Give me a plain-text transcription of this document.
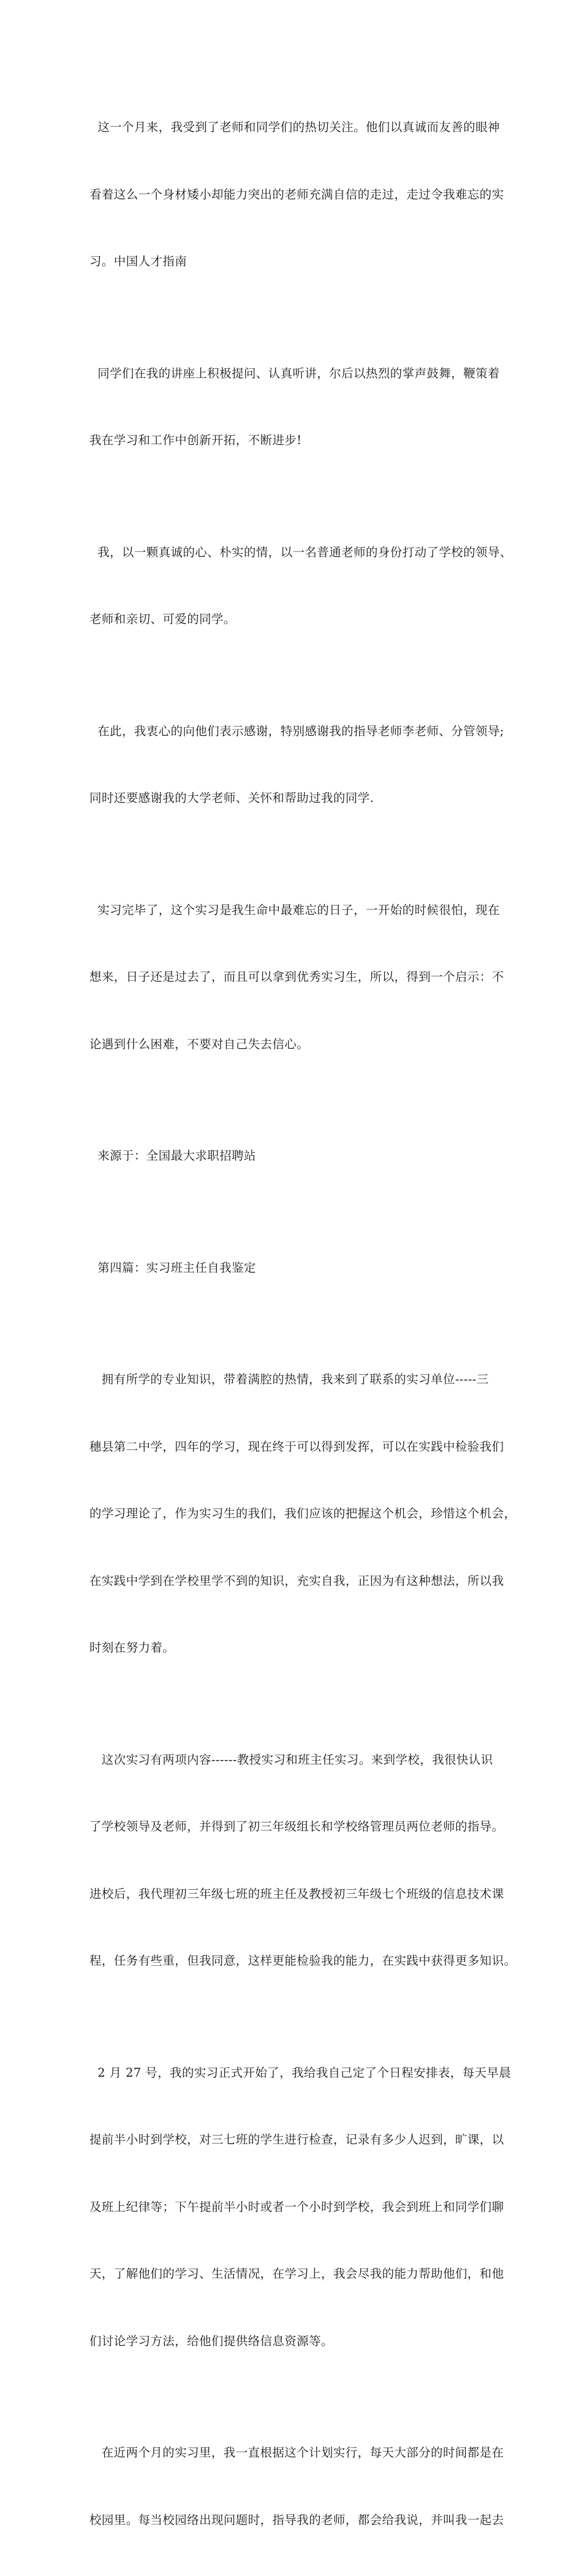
这一个月来，我受到了老师和同学们的热切关注。他们以真诚而友善的眼神

看着这么一个身材矮小却能力突出的老师充满自信的走过，走过令我难忘的实

习。中国人才指南

同学们在我的讲座上积极提问、认真听讲，尔后以热烈的掌声鼓舞，鞭策着

我在学习和工作中创新开拓，不断进步!

我，以一颗真诚的心、朴实的情，以一名普通老师的身份打动了学校的领导、

老师和亲切、可爱的同学。

在此，我衷心的向他们表示感谢，特别感谢我的指导老师李老师、分管领导;

同时还要感谢我的大学老师、关怀和帮助过我的同学.

实习完毕了，这个实习是我生命中最难忘的日子，一开始的时候很怕，现在

想来，日子还是过去了，而且可以拿到优秀实习生，所以，得到一个启示：不

论遇到什么困难，不要对自己失去信心。

来源于：全国最大求职招聘站

第四篇：实习班主任自我鉴定

拥有所学的专业知识，带着满腔的热情，我来到了联系的实习单位-----三

穗县第二中学，四年的学习，现在终于可以得到发挥，可以在实践中检验我们

的学习理论了，作为实习生的我们，我们应该的把握这个机会，珍惜这个机会，

在实践中学到在学校里学不到的知识，充实自我，正因为有这种想法，所以我

时刻在努力着。

这次实习有两项内容------教授实习和班主任实习。来到学校，我很快认识

了学校领导及老师，并得到了初三年级组长和学校络管理员两位老师的指导。

进校后，我代理初三年级七班的班主任及教授初三年级七个班级的信息技术课

程，任务有些重，但我同意，这样更能检验我的能力，在实践中获得更多知识。

2 月 27 号，我的实习正式开始了，我给我自己定了个日程安排表，每天早晨

提前半小时到学校，对三七班的学生进行检查，记录有多少人迟到，旷课，以

及班上纪律等；下午提前半小时或者一个小时到学校，我会到班上和同学们聊

天，了解他们的学习、生活情况，在学习上，我会尽我的能力帮助他们，和他

们讨论学习方法，给他们提供络信息资源等。

在近两个月的实习里，我一直根据这个计划实行，每天大部分的时间都是在

校园里。每当校园络出现问题时，指导我的老师，都会给我说，并叫我一起去
